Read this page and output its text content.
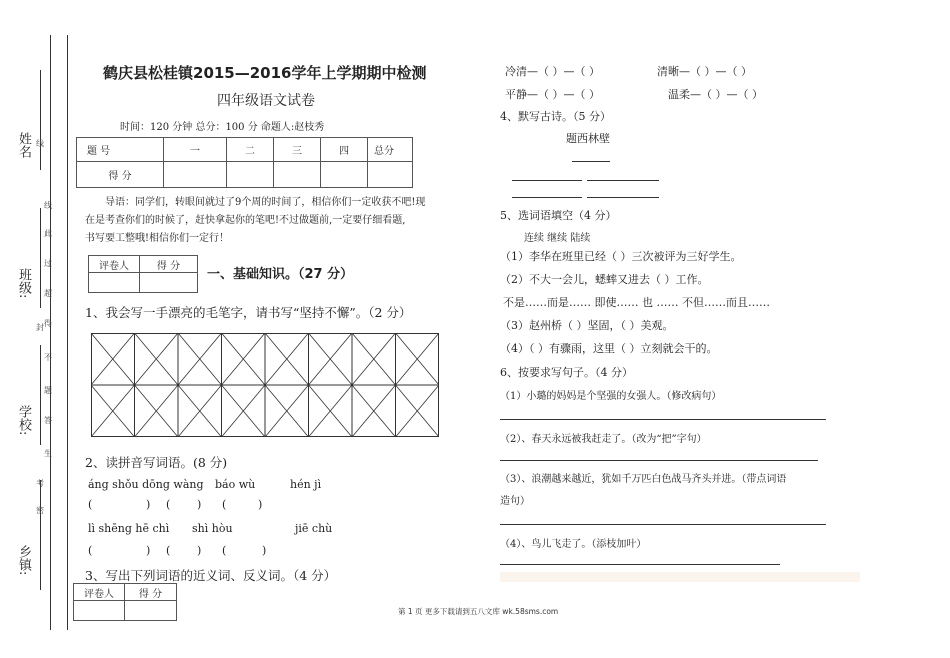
姓名
班级:
学校:
乡镇:
线
线
此
过
超
得
封
不
题
答
生
考
密
鹤庆县松桂镇2015—2016学年上学期期中检测
四年级语文试卷
时间：120 分钟 总分：100 分 命题人:赵枝秀
题 号	一	二	三	四	总分
得 分					
导语：同学们，转眼间就过了9个周的时间了，相信你们一定收获不吧!现
在是考查你们的时候了，赶快拿起你的笔吧!不过做题前,一定要仔细看题,
书写要工整哦!相信你们一定行！
评卷人	得 分

一、基础知识。（27 分）
1、我会写一手漂亮的毛笔字，请书写“坚持不懈”。（2 分）
2、读拼音写词语。(8 分)
áng shǒu dōng wàng báo wù	hén jì
(	) ( ) (	)
lì shēng hē chì shì hòu	jiē chù
(	) ( ) (	)
3、写出下列词语的近义词、反义词。（4 分）
评卷人	得 分

冷清—（ ）—（ ）	清晰—（ ）—（ ）
平静—（ ）—（ ）	温柔—（ ）—（ ）
4、默写古诗。（5 分）
题西林壁
5、选词语填空（4 分）
连续 继续 陆续
（1）李华在班里已经（ ）三次被评为三好学生。
（2）不大一会儿，蟋蟀又进去（ ）工作。
不是……而是…… 即使…… 也 …… 不但……而且……
（3）赵州桥（ ）坚固，（ ）美观。
（4）（ ）有骤雨，这里（ ）立刻就会干的。
6、按要求写句子。（4 分）
（1）小璐的妈妈是个坚强的女强人。（修改病句）
（2）、春天永远被我赶走了。（改为“把”字句）
（3）、浪潮越来越近，犹如千万匹白色战马齐头并进。（带点词语
造句）
（4）、鸟儿飞走了。（添枝加叶）
第 1 页 更多下载请到五八文库 wk.58sms.com
